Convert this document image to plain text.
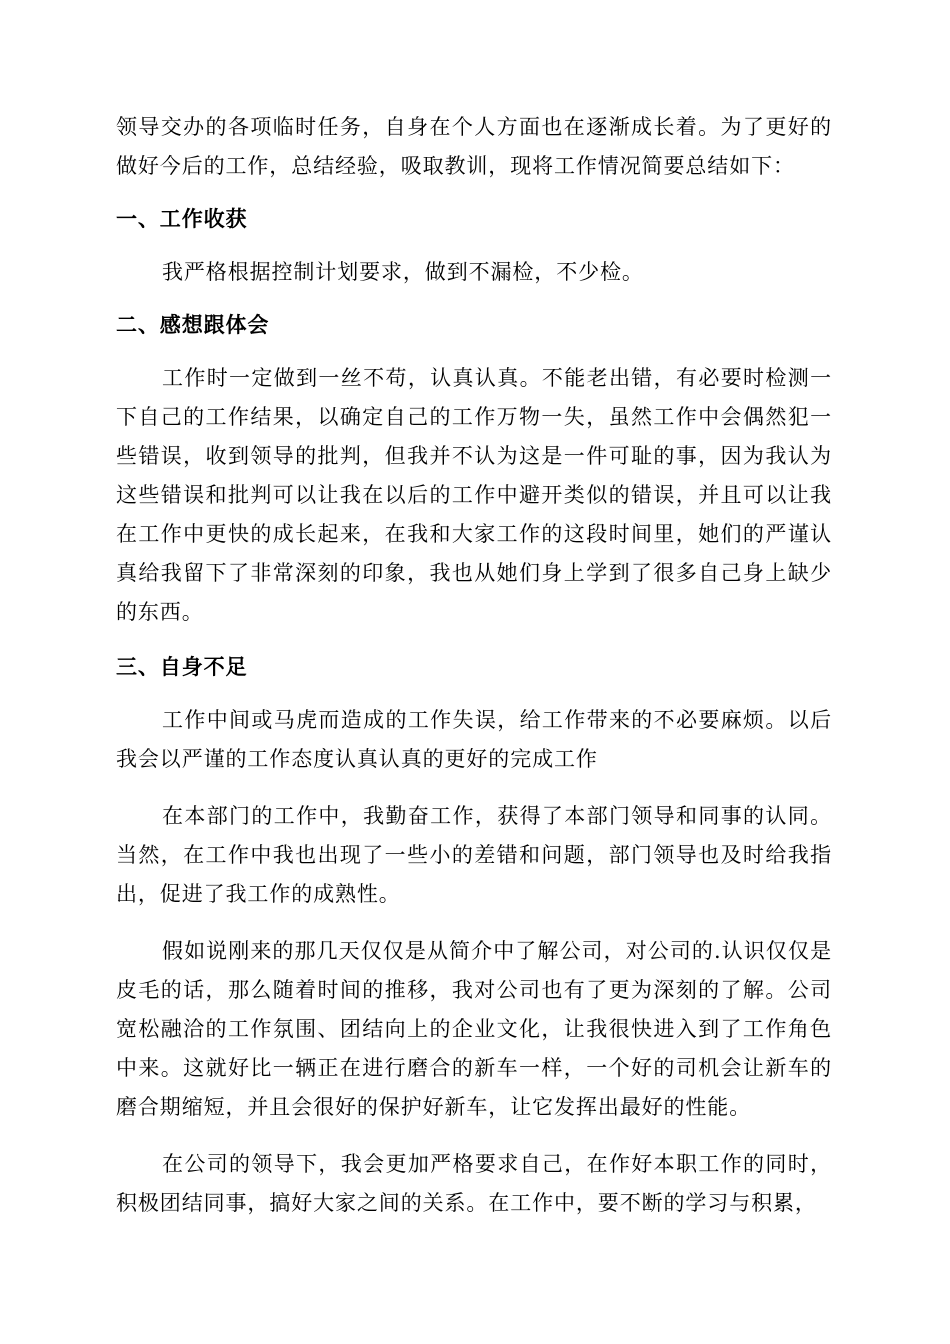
领导交办的各项临时任务，自身在个人方面也在逐渐成长着。为了更好的做好今后的工作，总结经验，吸取教训，现将工作情况简要总结如下：

一、工作收获

我严格根据控制计划要求，做到不漏检，不少检。

二、感想跟体会

工作时一定做到一丝不苟，认真认真。不能老出错，有必要时检测一下自己的工作结果，以确定自己的工作万物一失，虽然工作中会偶然犯一些错误，收到领导的批判，但我并不认为这是一件可耻的事，因为我认为这些错误和批判可以让我在以后的工作中避开类似的错误，并且可以让我在工作中更快的成长起来，在我和大家工作的这段时间里，她们的严谨认真给我留下了非常深刻的印象，我也从她们身上学到了很多自己身上缺少的东西。

三、自身不足

工作中间或马虎而造成的工作失误，给工作带来的不必要麻烦。以后我会以严谨的工作态度认真认真的更好的完成工作

在本部门的工作中，我勤奋工作，获得了本部门领导和同事的认同。当然，在工作中我也出现了一些小的差错和问题，部门领导也及时给我指出，促进了我工作的成熟性。

假如说刚来的那几天仅仅是从简介中了解公司，对公司的.认识仅仅是皮毛的话，那么随着时间的推移，我对公司也有了更为深刻的了解。公司宽松融洽的工作氛围、团结向上的企业文化，让我很快进入到了工作角色中来。这就好比一辆正在进行磨合的新车一样，一个好的司机会让新车的磨合期缩短，并且会很好的保护好新车，让它发挥出最好的性能。

在公司的领导下，我会更加严格要求自己，在作好本职工作的同时，积极团结同事，搞好大家之间的关系。在工作中，要不断的学习与积累，
